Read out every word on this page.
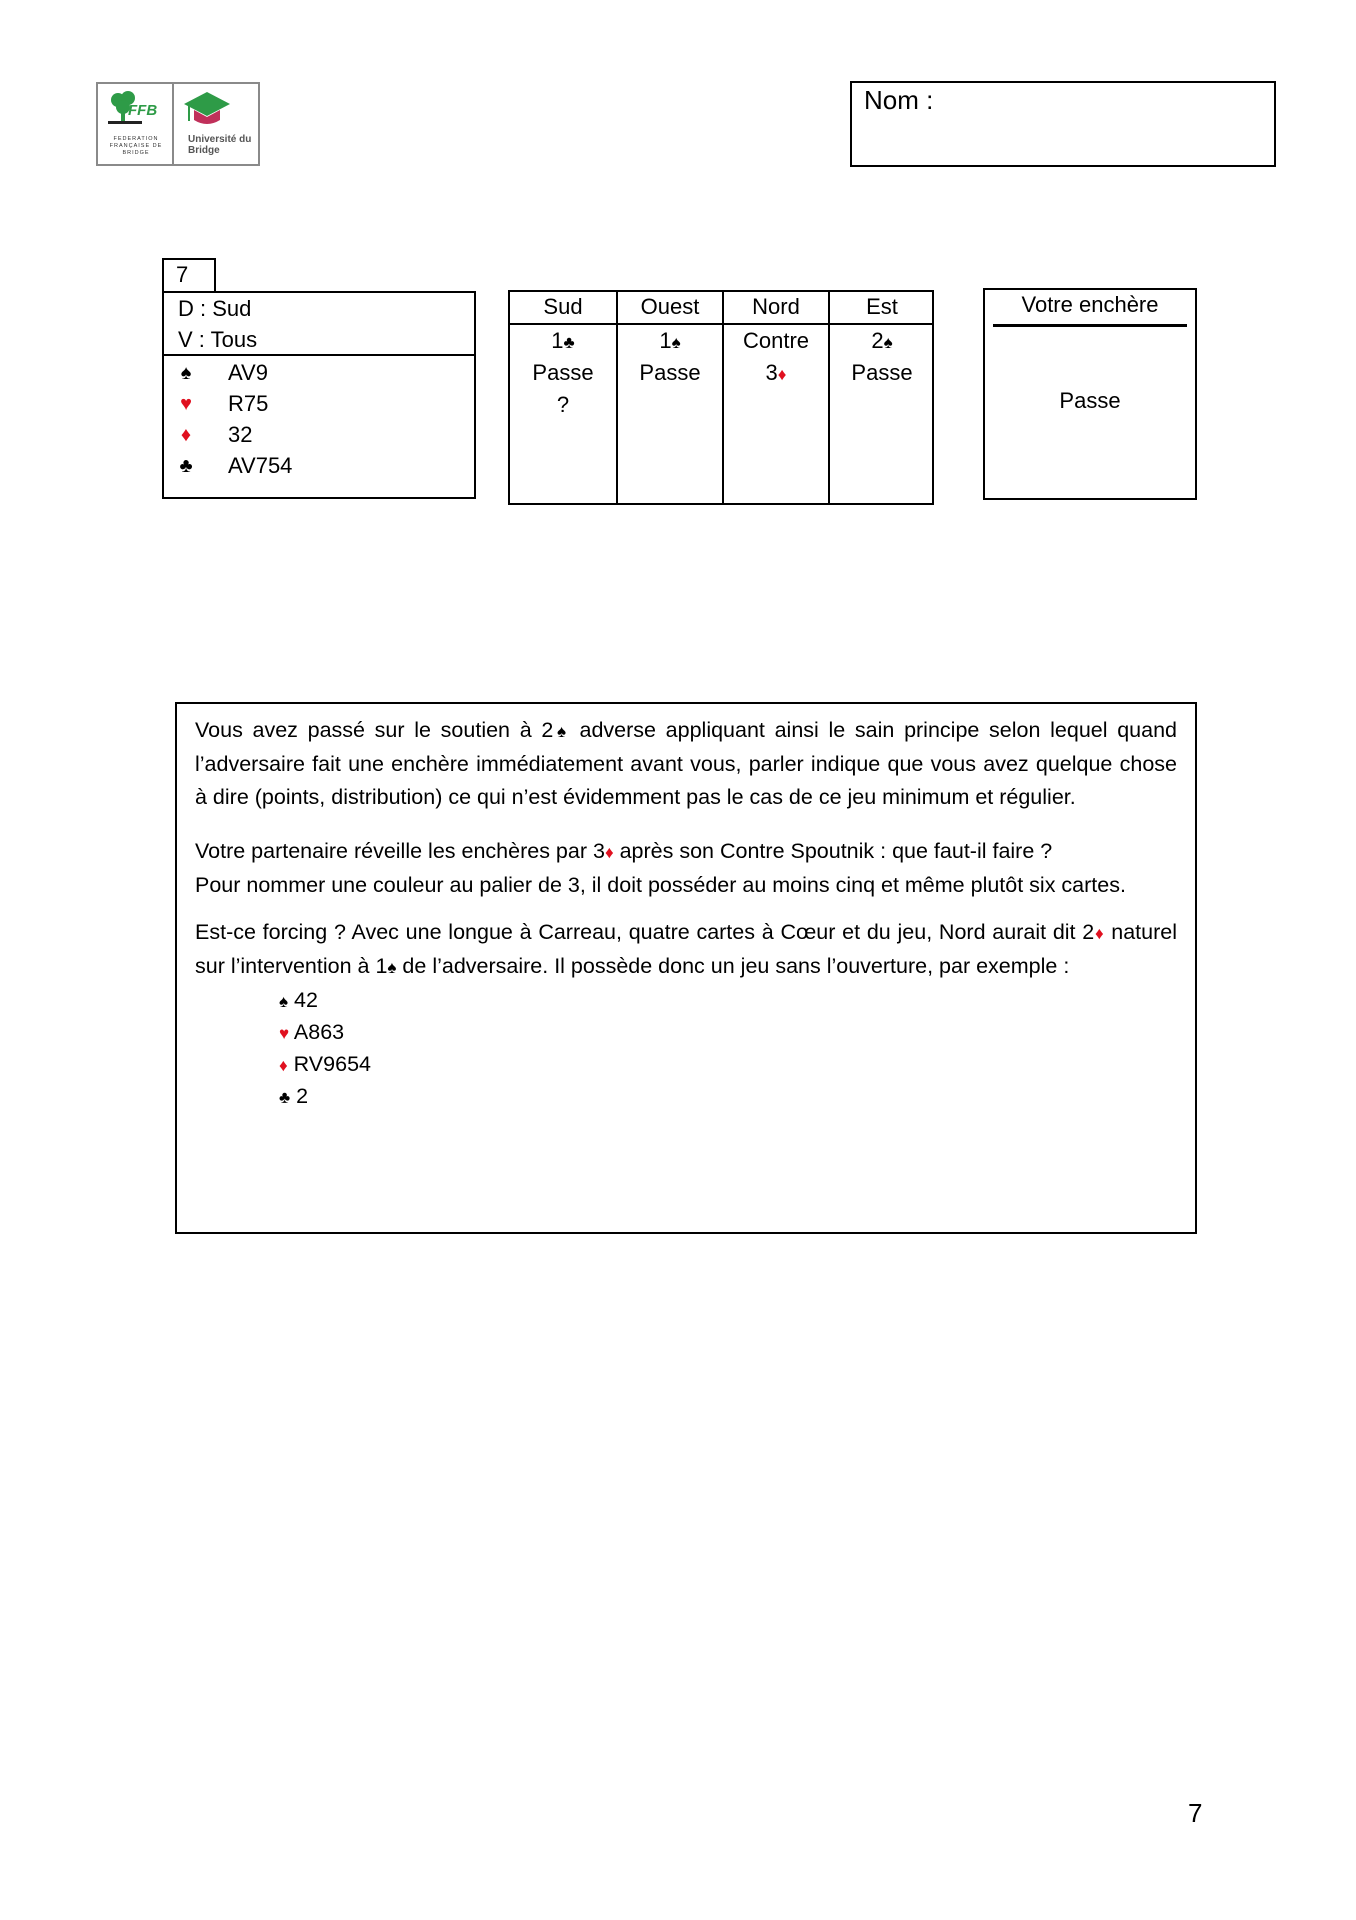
FFB
FEDERATION FRANÇAISE DE BRIDGE
Université du Bridge
Nom :
7
D : Sud
V : Tous
♠ AV9
♥ R75
♦ 32
♣ AV754
Sud
1♣
Passe
?
Ouest
1♠
Passe
Nord
Contre
3♦
Est
2♠
Passe
Votre enchère
Passe

Vous avez passé sur le soutien à 2♠ adverse appliquant ainsi le sain principe selon lequel quand l’adversaire fait une enchère immédiatement avant vous, parler indique que vous avez quelque chose à dire (points, distribution) ce qui n’est évidemment pas le cas de ce jeu minimum et régulier.

Votre partenaire réveille les enchères par 3♦ après son Contre Spoutnik : que faut-il faire ?

Pour nommer une couleur au palier de 3, il doit posséder au moins cinq et même plutôt six cartes.

Est-ce forcing ? Avec une longue à Carreau, quatre cartes à Cœur et du jeu, Nord aurait dit 2♦ naturel sur l’intervention à 1♠ de l’adversaire. Il possède donc un jeu sans l’ouverture, par exemple :

♠ 42
♥ A863
♦ RV9654
♣ 2
7
